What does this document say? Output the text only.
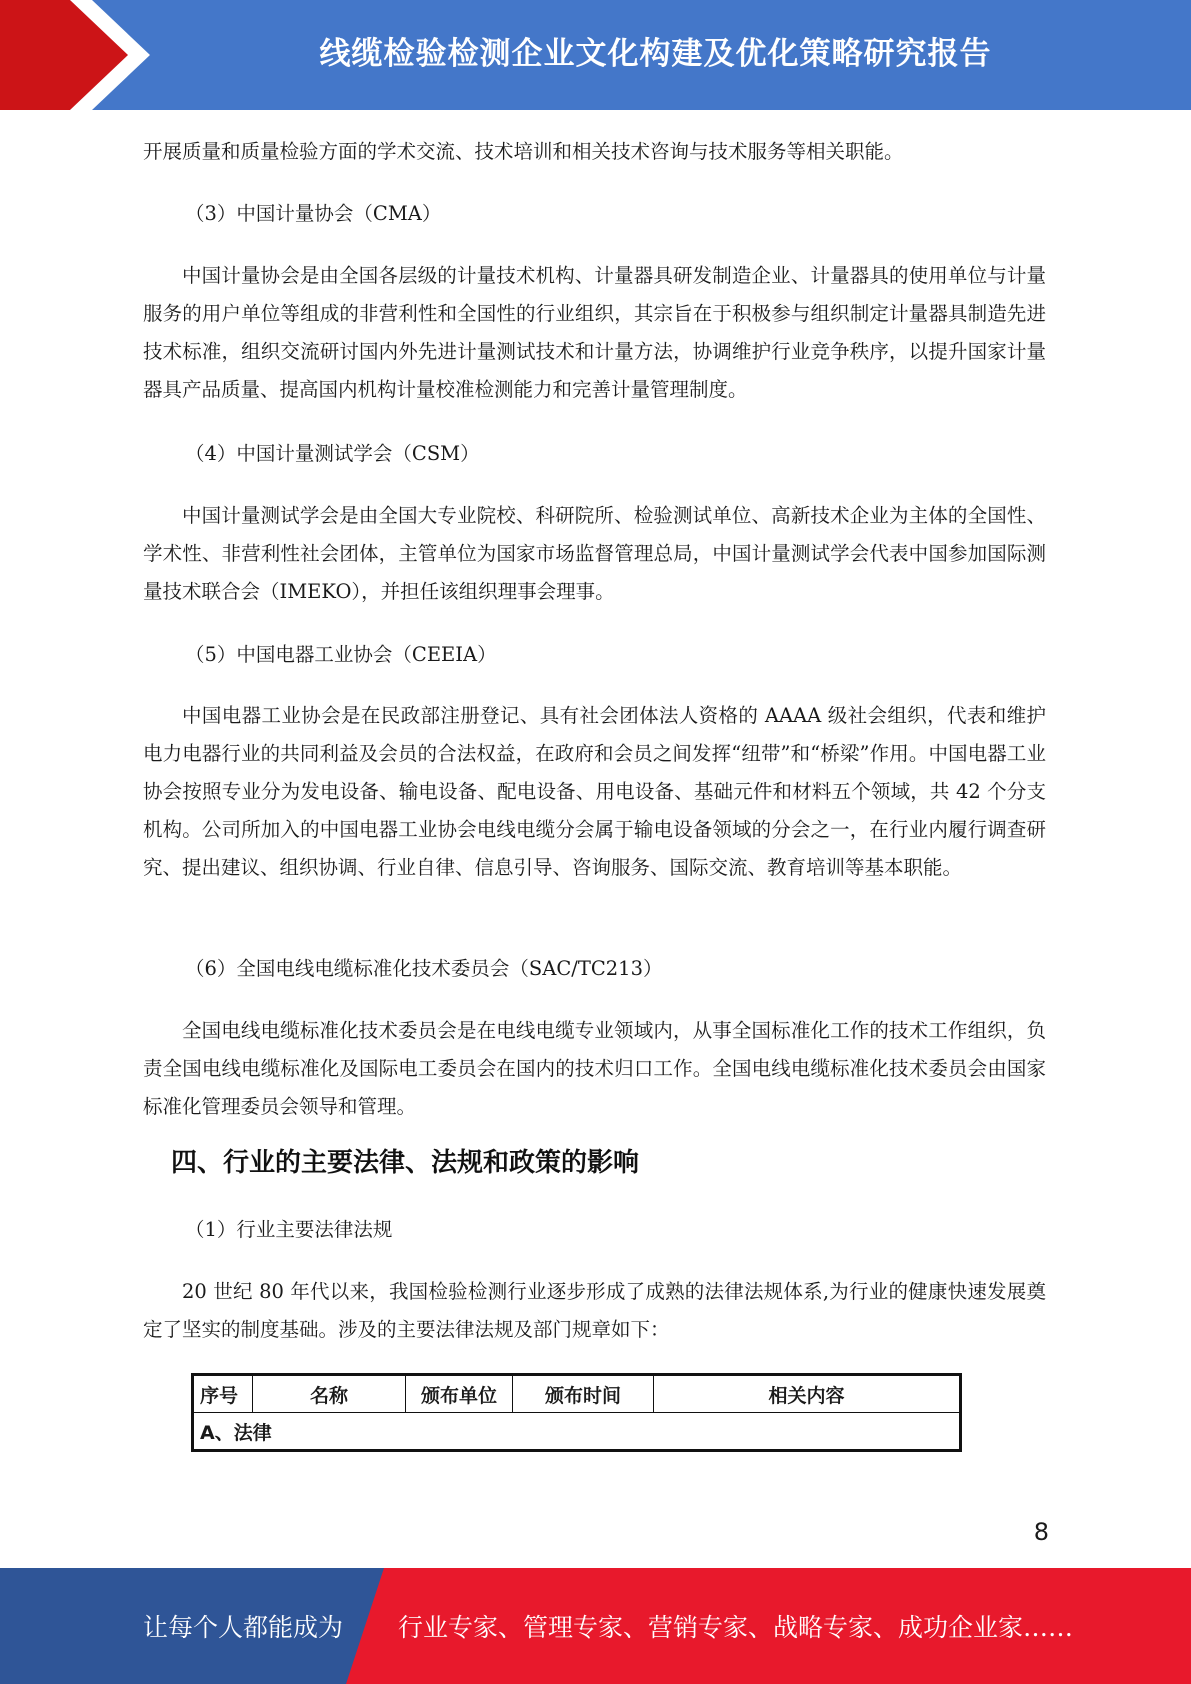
线缆检验检测企业文化构建及优化策略研究报告

开展质量和质量检验方面的学术交流、技术培训和相关技术咨询与技术服务等相关职能。

（3）中国计量协会（CMA）

中国计量协会是由全国各层级的计量技术机构、计量器具研发制造企业、计量器具的使用单位与计量服务的用户单位等组成的非营利性和全国性的行业组织，其宗旨在于积极参与组织制定计量器具制造先进技术标准，组织交流研讨国内外先进计量测试技术和计量方法，协调维护行业竞争秩序，以提升国家计量器具产品质量、提高国内机构计量校准检测能力和完善计量管理制度。

（4）中国计量测试学会（CSM）

中国计量测试学会是由全国大专业院校、科研院所、检验测试单位、高新技术企业为主体的全国性、学术性、非营利性社会团体，主管单位为国家市场监督管理总局，中国计量测试学会代表中国参加国际测量技术联合会（IMEKO），并担任该组织理事会理事。

（5）中国电器工业协会（CEEIA）

中国电器工业协会是在民政部注册登记、具有社会团体法人资格的 AAAA 级社会组织，代表和维护电力电器行业的共同利益及会员的合法权益，在政府和会员之间发挥“纽带”和“桥梁”作用。中国电器工业协会按照专业分为发电设备、输电设备、配电设备、用电设备、基础元件和材料五个领域，共 42 个分支机构。公司所加入的中国电器工业协会电线电缆分会属于输电设备领域的分会之一，在行业内履行调查研究、提出建议、组织协调、行业自律、信息引导、咨询服务、国际交流、教育培训等基本职能。

（6）全国电线电缆标准化技术委员会（SAC/TC213）

全国电线电缆标准化技术委员会是在电线电缆专业领域内，从事全国标准化工作的技术工作组织，负责全国电线电缆标准化及国际电工委员会在国内的技术归口工作。全国电线电缆标准化技术委员会由国家标准化管理委员会领导和管理。

四、行业的主要法律、法规和政策的影响

（1）行业主要法律法规

20 世纪 80 年代以来，我国检验检测行业逐步形成了成熟的法律法规体系,为行业的健康快速发展奠定了坚实的制度基础。涉及的主要法律法规及部门规章如下：

序号	名称	颁布单位	颁布时间	相关内容
A、法律
8
让每个人都能成为 行业专家、管理专家、营销专家、战略专家、成功企业家……
